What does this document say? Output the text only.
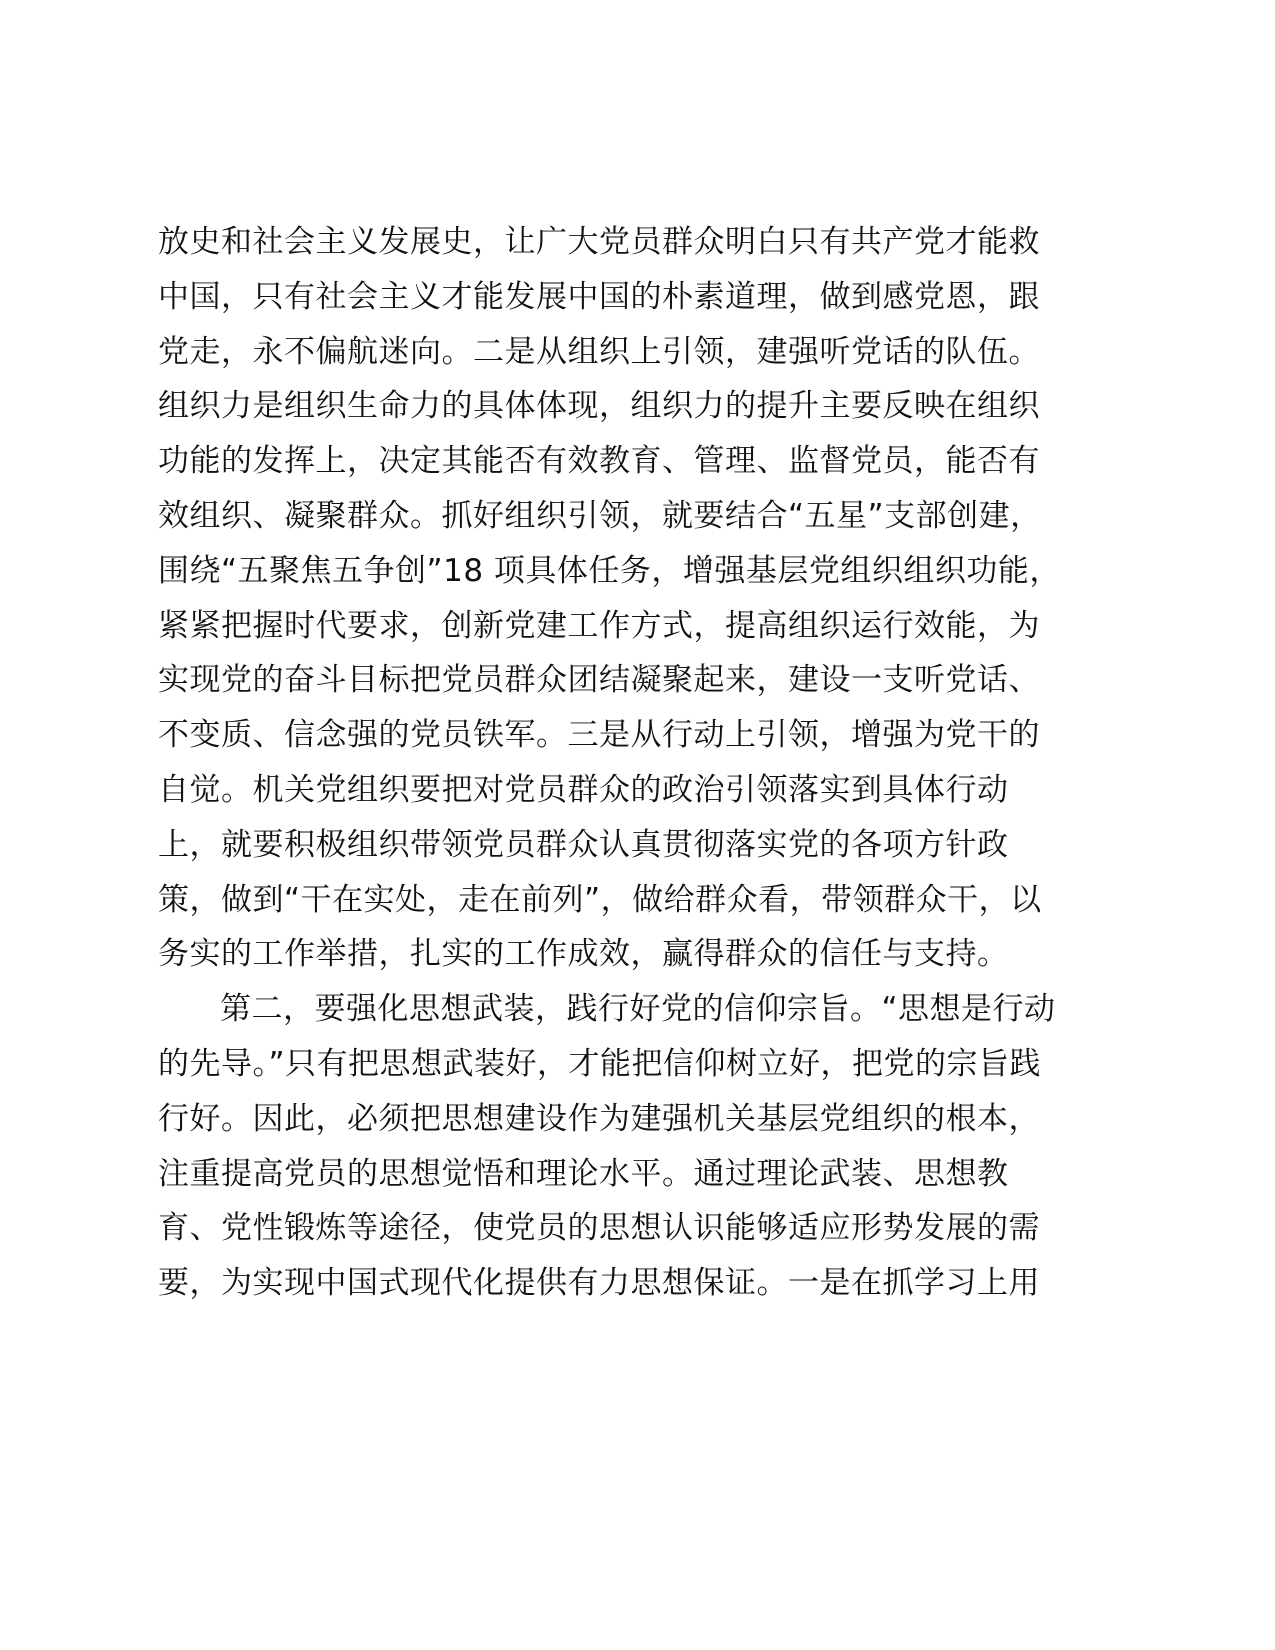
放史和社会主义发展史，让广大党员群众明白只有共产党才能救
中国，只有社会主义才能发展中国的朴素道理，做到感党恩，跟
党走，永不偏航迷向。二是从组织上引领，建强听党话的队伍。
组织力是组织生命力的具体体现，组织力的提升主要反映在组织
功能的发挥上，决定其能否有效教育、管理、监督党员，能否有
效组织、凝聚群众。抓好组织引领，就要结合“五星”支部创建，
围绕“五聚焦五争创”18 项具体任务，增强基层党组织组织功能，
紧紧把握时代要求，创新党建工作方式，提高组织运行效能，为
实现党的奋斗目标把党员群众团结凝聚起来，建设一支听党话、
不变质、信念强的党员铁军。三是从行动上引领，增强为党干的
自觉。机关党组织要把对党员群众的政治引领落实到具体行动
上，就要积极组织带领党员群众认真贯彻落实党的各项方针政
策，做到“干在实处，走在前列”，做给群众看，带领群众干，以
务实的工作举措，扎实的工作成效，赢得群众的信任与支持。
第二，要强化思想武装，践行好党的信仰宗旨。“思想是行动
的先导。”只有把思想武装好，才能把信仰树立好，把党的宗旨践
行好。因此，必须把思想建设作为建强机关基层党组织的根本，
注重提高党员的思想觉悟和理论水平。通过理论武装、思想教
育、党性锻炼等途径，使党员的思想认识能够适应形势发展的需
要，为实现中国式现代化提供有力思想保证。一是在抓学习上用
